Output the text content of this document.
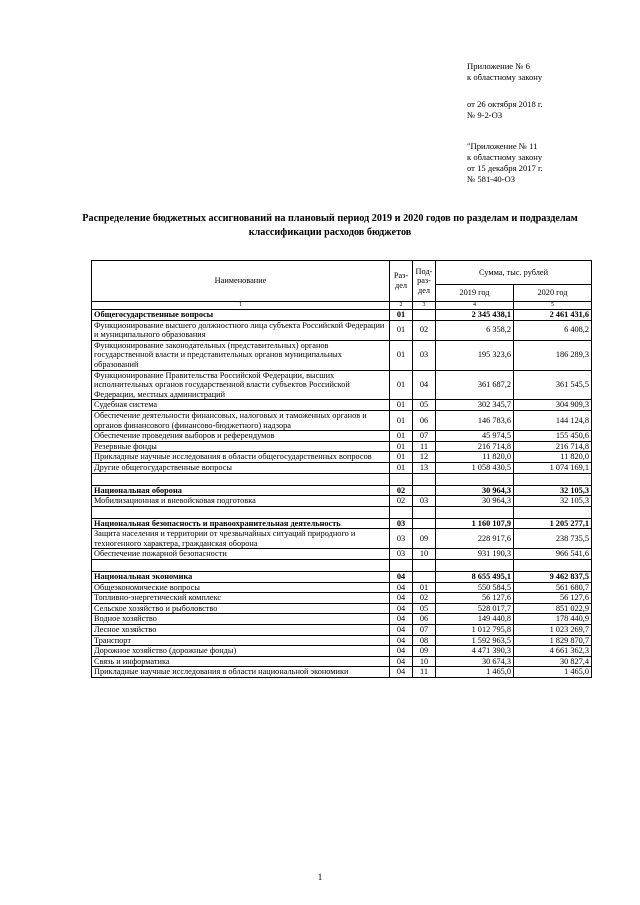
Приложение № 6
к областному закону
от 26 октября 2018 г.
№ 9-2-ОЗ
"Приложение № 11
к областному закону
от 15 декабря 2017 г.
№ 581-40-ОЗ
Распределение бюджетных ассигнований на плановый период 2019 и 2020 годов по разделам и подразделам классификации расходов бюджетов
Наименование	Раз-дел	Под-раз-дел	Сумма, тыс. рублей	
			2019 год	2020 год
1	2	3	4	5
Общегосударственные вопросы	01		2 345 438,1	2 461 431,6
Функционирование высшего должностного лица субъекта Российской Федерации и муниципального образования	01	02	6 358,2	6 408,2
Функционирование законодательных (представительных) органов государственной власти и представительных органов муниципальных образований	01	03	195 323,6	186 289,3
Функционирование Правительства Российской Федерации, высших исполнительных органов государственной власти субъектов Российской Федерации, местных администраций	01	04	361 687,2	361 545,5
Судебная система	01	05	302 345,7	304 909,3
Обеспечение деятельности финансовых, налоговых и таможенных органов и органов финансового (финансово-бюджетного) надзора	01	06	146 783,6	144 124,8
Обеспечение проведения выборов и референдумов	01	07	45 974,5	155 450,6
Резервные фонды	01	11	216 714,8	216 714,8
Прикладные научные исследования в области общегосударственных вопросов	01	12	11 820,0	11 820,0
Другие общегосударственные вопросы	01	13	1 058 430,5	1 074 169,1

Национальная оборона	02		30 964,3	32 105,3
Мобилизационная и вневойсковая подготовка	02	03	30 964,3	32 105,3

Национальная безопасность и правоохранительная деятельность	03		1 160 107,9	1 205 277,1
Защита населения и территории от чрезвычайных ситуаций природного и техногенного характера, гражданская оборона	03	09	228 917,6	238 735,5
Обеспечение пожарной безопасности	03	10	931 190,3	966 541,6

Национальная экономика	04		8 655 495,1	9 462 837,5
Общеэкономические вопросы	04	01	550 584,5	561 680,7
Топливно-энергетический комплекс	04	02	56 127,6	56 127,6
Сельское хозяйство и рыболовство	04	05	528 017,7	851 022,9
Водное хозяйство	04	06	149 440,8	178 440,9
Лесное хозяйство	04	07	1 012 795,8	1 023 269,7
Транспорт	04	08	1 592 963,5	1 829 870,7
Дорожное хозяйство (дорожные фонды)	04	09	4 471 390,3	4 661 362,3
Связь и информатика	04	10	30 674,3	30 827,4
Прикладные научные исследования в области национальной экономики	04	11	1 465,0	1 465,0
1
